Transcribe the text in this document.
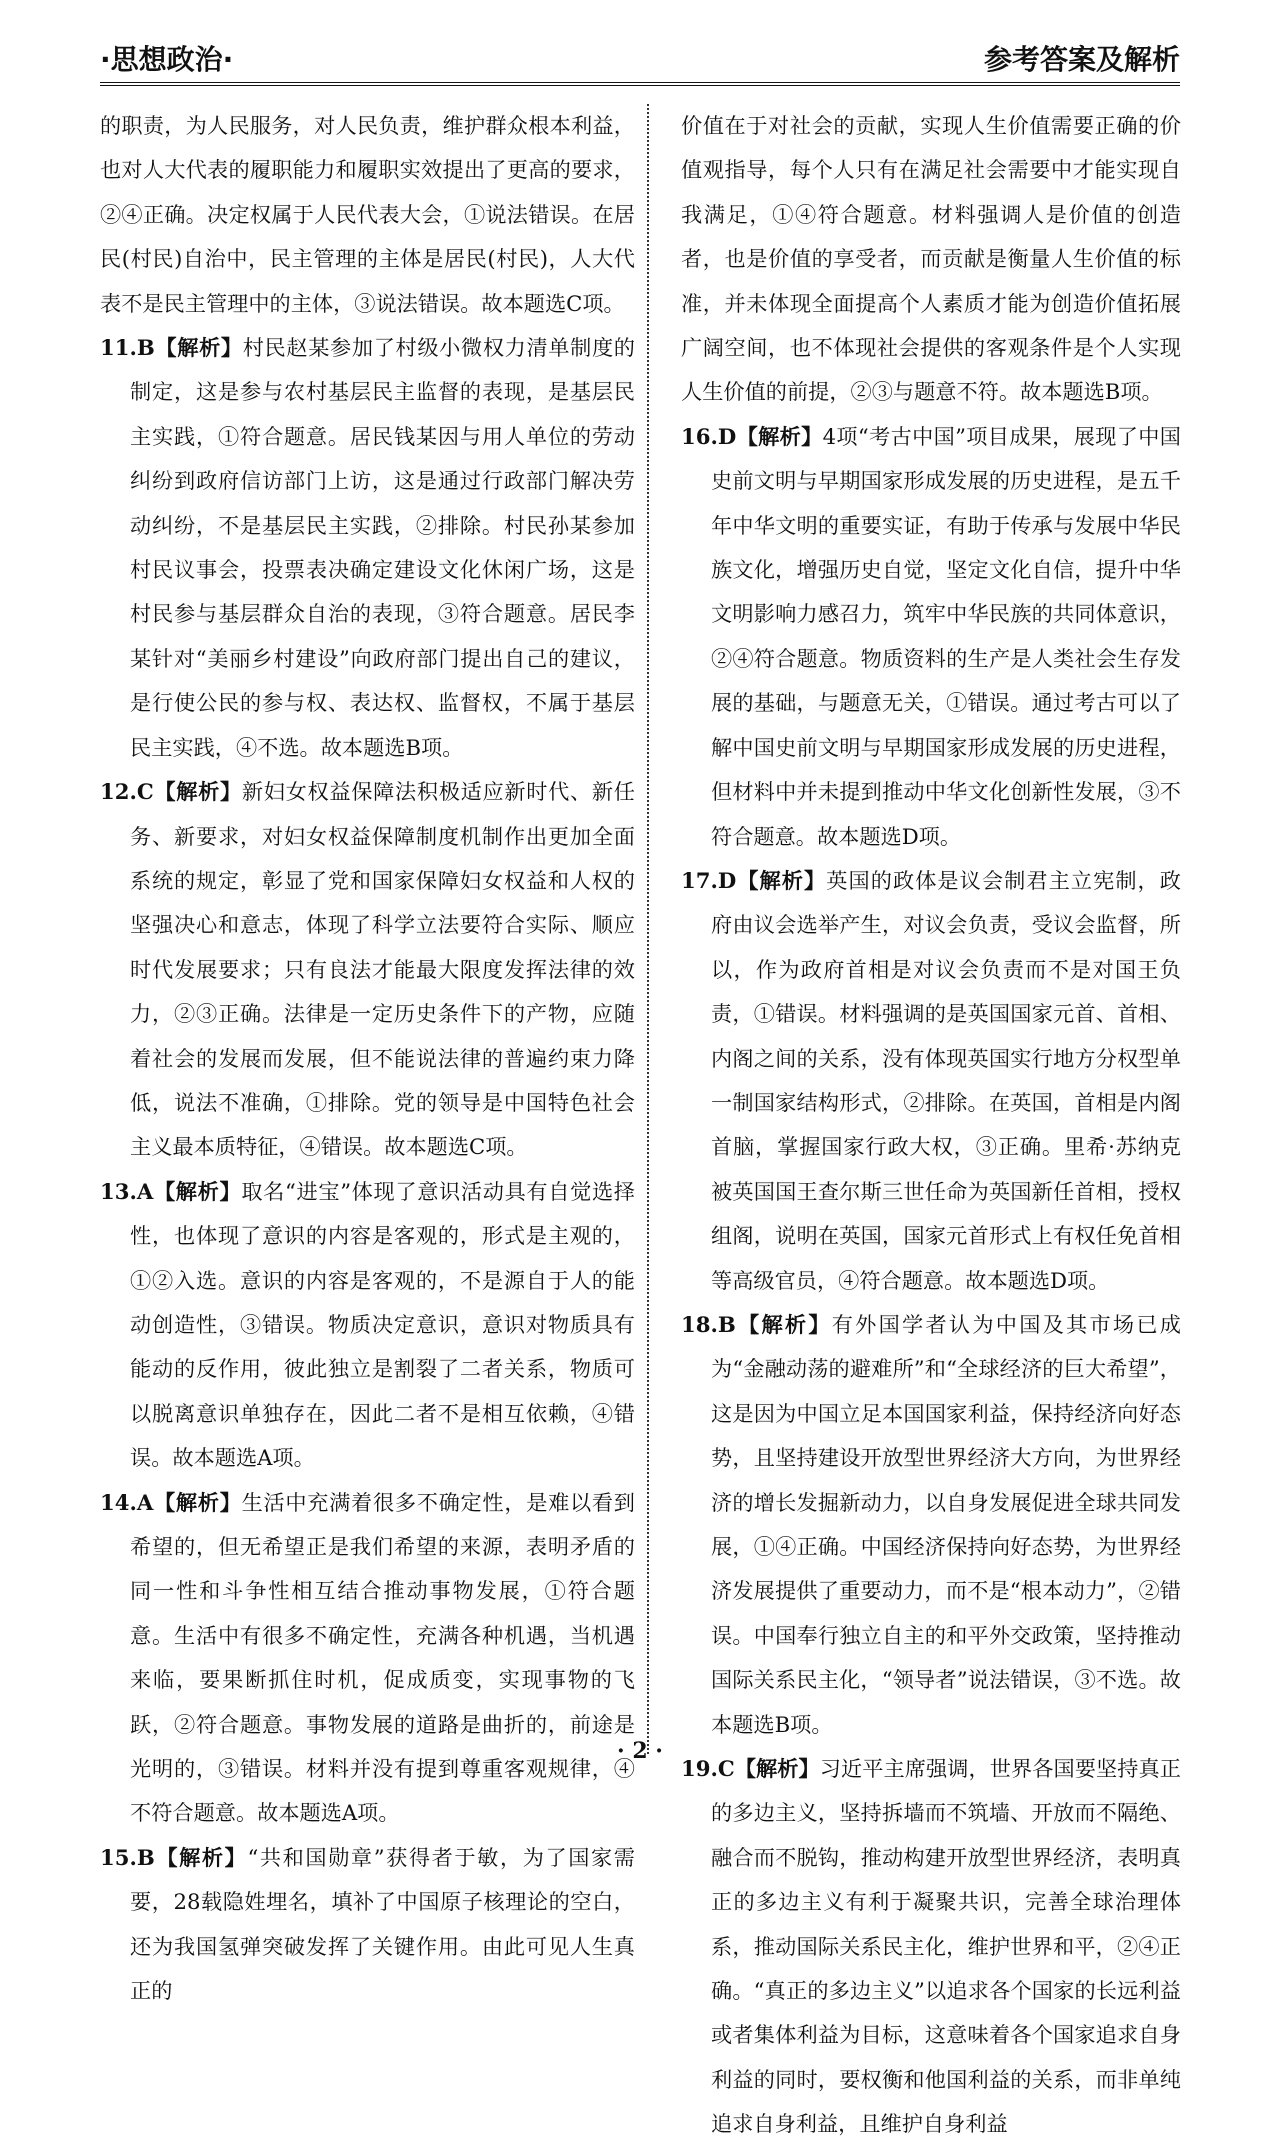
·思想政治·	参考答案及解析

的职责，为人民服务，对人民负责，维护群众根本利益，也对人大代表的履职能力和履职实效提出了更高的要求，②④正确。决定权属于人民代表大会，①说法错误。在居民(村民)自治中，民主管理的主体是居民(村民)，人大代表不是民主管理中的主体，③说法错误。故本题选C项。

11.B【解析】村民赵某参加了村级小微权力清单制度的制定，这是参与农村基层民主监督的表现，是基层民主实践，①符合题意。居民钱某因与用人单位的劳动纠纷到政府信访部门上访，这是通过行政部门解决劳动纠纷，不是基层民主实践，②排除。村民孙某参加村民议事会，投票表决确定建设文化休闲广场，这是村民参与基层群众自治的表现，③符合题意。居民李某针对“美丽乡村建设”向政府部门提出自己的建议，是行使公民的参与权、表达权、监督权，不属于基层民主实践，④不选。故本题选B项。

12.C【解析】新妇女权益保障法积极适应新时代、新任务、新要求，对妇女权益保障制度机制作出更加全面系统的规定，彰显了党和国家保障妇女权益和人权的坚强决心和意志，体现了科学立法要符合实际、顺应时代发展要求；只有良法才能最大限度发挥法律的效力，②③正确。法律是一定历史条件下的产物，应随着社会的发展而发展，但不能说法律的普遍约束力降低，说法不准确，①排除。党的领导是中国特色社会主义最本质特征，④错误。故本题选C项。

13.A【解析】取名“进宝”体现了意识活动具有自觉选择性，也体现了意识的内容是客观的，形式是主观的，①②入选。意识的内容是客观的，不是源自于人的能动创造性，③错误。物质决定意识，意识对物质具有能动的反作用，彼此独立是割裂了二者关系，物质可以脱离意识单独存在，因此二者不是相互依赖，④错误。故本题选A项。

14.A【解析】生活中充满着很多不确定性，是难以看到希望的，但无希望正是我们希望的来源，表明矛盾的同一性和斗争性相互结合推动事物发展，①符合题意。生活中有很多不确定性，充满各种机遇，当机遇来临，要果断抓住时机，促成质变，实现事物的飞跃，②符合题意。事物发展的道路是曲折的，前途是光明的，③错误。材料并没有提到尊重客观规律，④不符合题意。故本题选A项。

15.B【解析】“共和国勋章”获得者于敏，为了国家需要，28载隐姓埋名，填补了中国原子核理论的空白，还为我国氢弹突破发挥了关键作用。由此可见人生真正的

价值在于对社会的贡献，实现人生价值需要正确的价值观指导，每个人只有在满足社会需要中才能实现自我满足，①④符合题意。材料强调人是价值的创造者，也是价值的享受者，而贡献是衡量人生价值的标准，并未体现全面提高个人素质才能为创造价值拓展广阔空间，也不体现社会提供的客观条件是个人实现人生价值的前提，②③与题意不符。故本题选B项。

16.D【解析】4项“考古中国”项目成果，展现了中国史前文明与早期国家形成发展的历史进程，是五千年中华文明的重要实证，有助于传承与发展中华民族文化，增强历史自觉，坚定文化自信，提升中华文明影响力感召力，筑牢中华民族的共同体意识，②④符合题意。物质资料的生产是人类社会生存发展的基础，与题意无关，①错误。通过考古可以了解中国史前文明与早期国家形成发展的历史进程，但材料中并未提到推动中华文化创新性发展，③不符合题意。故本题选D项。

17.D【解析】英国的政体是议会制君主立宪制，政府由议会选举产生，对议会负责，受议会监督，所以，作为政府首相是对议会负责而不是对国王负责，①错误。材料强调的是英国国家元首、首相、内阁之间的关系，没有体现英国实行地方分权型单一制国家结构形式，②排除。在英国，首相是内阁首脑，掌握国家行政大权，③正确。里希·苏纳克被英国国王查尔斯三世任命为英国新任首相，授权组阁，说明在英国，国家元首形式上有权任免首相等高级官员，④符合题意。故本题选D项。

18.B【解析】有外国学者认为中国及其市场已成为“金融动荡的避难所”和“全球经济的巨大希望”，这是因为中国立足本国国家利益，保持经济向好态势，且坚持建设开放型世界经济大方向，为世界经济的增长发掘新动力，以自身发展促进全球共同发展，①④正确。中国经济保持向好态势，为世界经济发展提供了重要动力，而不是“根本动力”，②错误。中国奉行独立自主的和平外交政策，坚持推动国际关系民主化，“领导者”说法错误，③不选。故本题选B项。

19.C【解析】习近平主席强调，世界各国要坚持真正的多边主义，坚持拆墙而不筑墙、开放而不隔绝、融合而不脱钩，推动构建开放型世界经济，表明真正的多边主义有利于凝聚共识，完善全球治理体系，推动国际关系民主化，维护世界和平，②④正确。“真正的多边主义”以追求各个国家的长远利益或者集体利益为目标，这意味着各个国家追求自身利益的同时，要权衡和他国利益的关系，而非单纯追求自身利益，且维护自身利益

· 2 ·
